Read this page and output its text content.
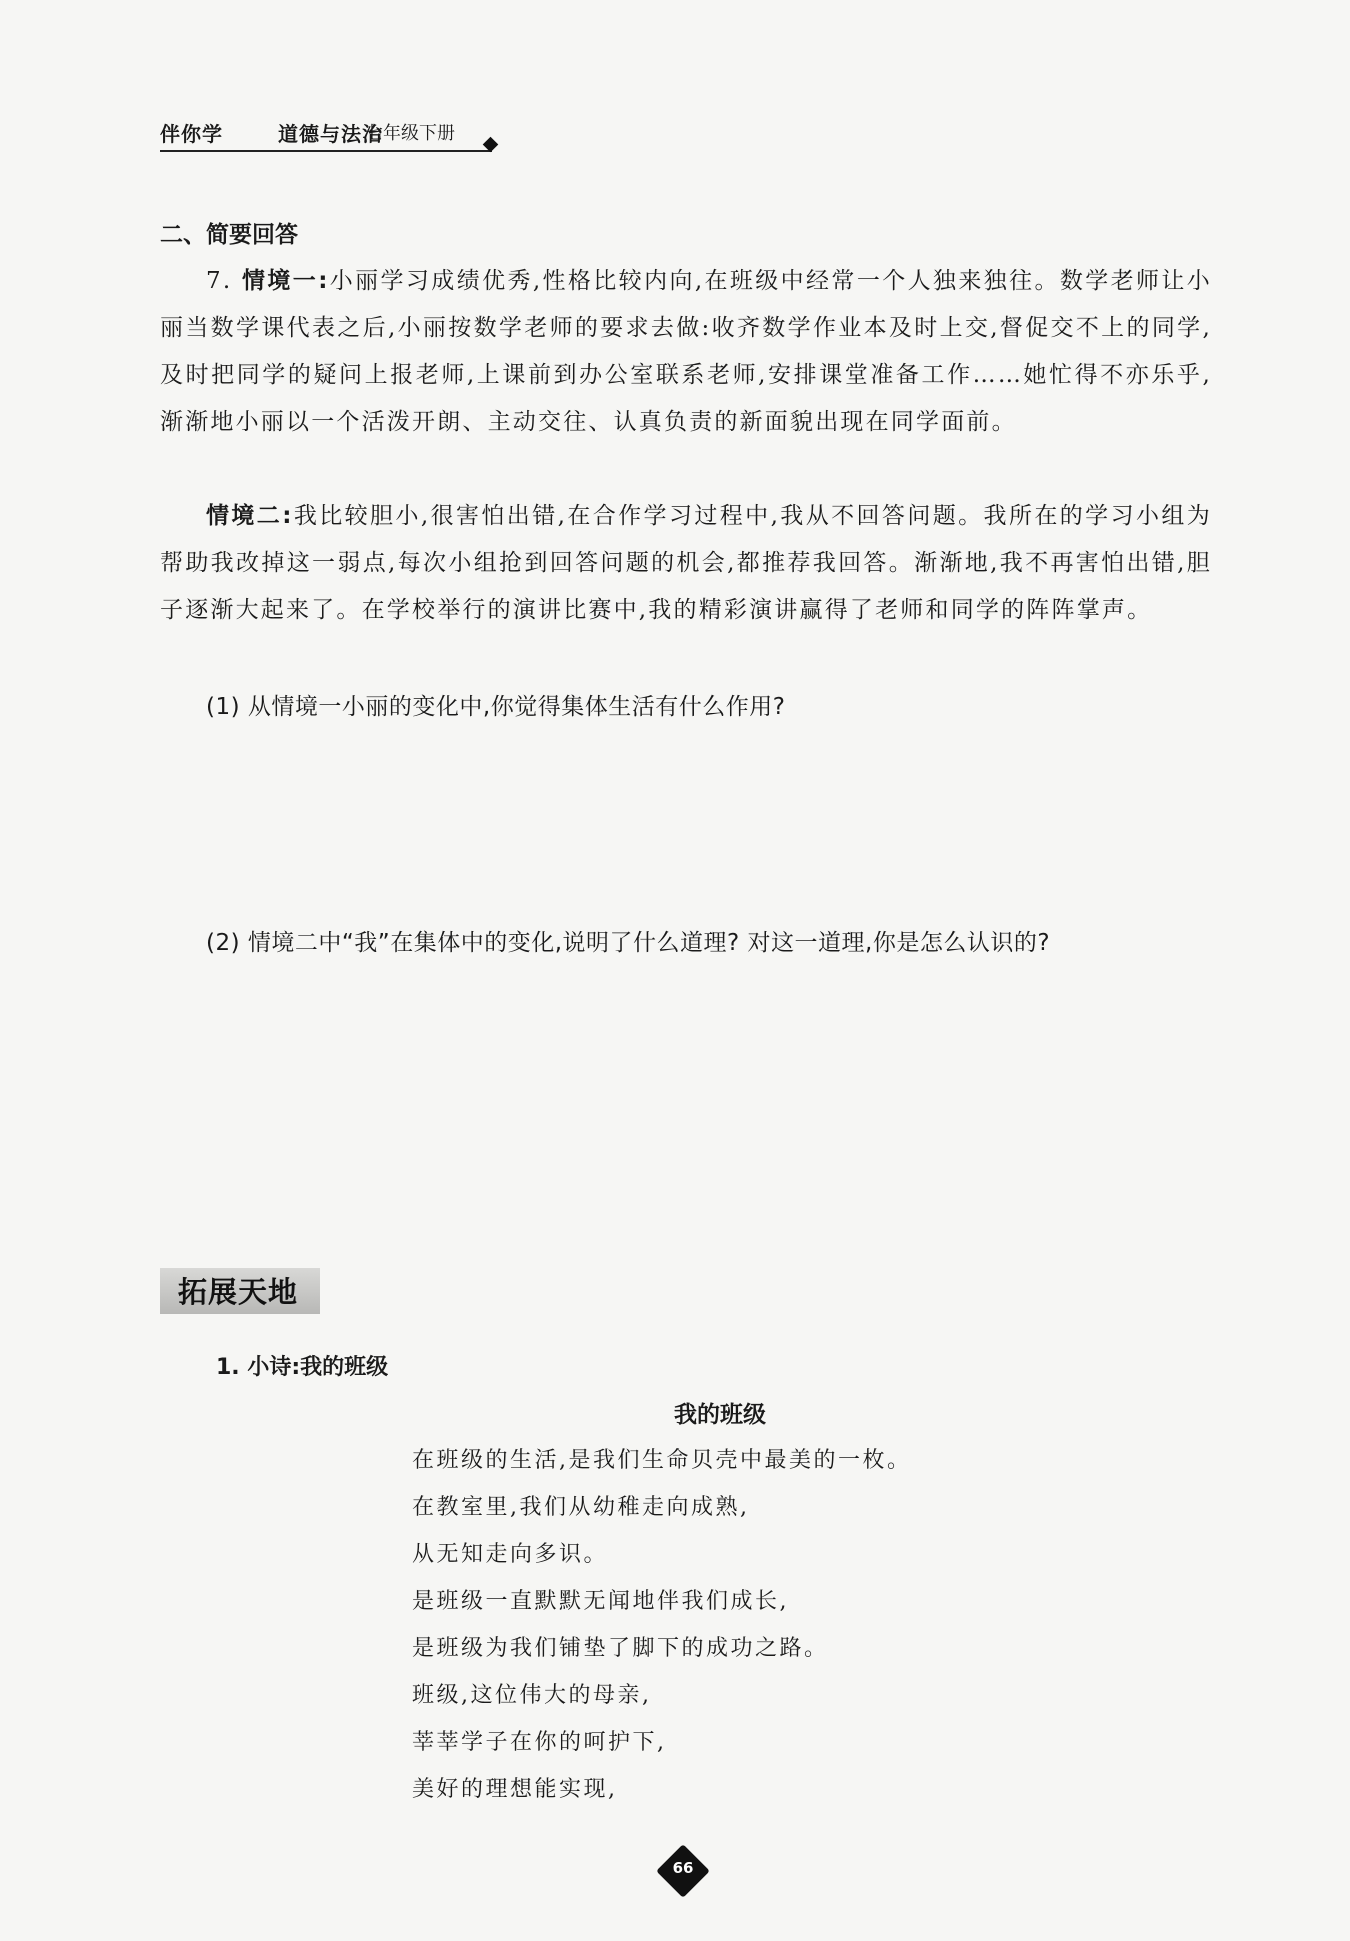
伴你学	道德与法治
七年级下册
二、简要回答

7. 情境一:小丽学习成绩优秀,性格比较内向,在班级中经常一个人独来独往。数学老师让小丽当数学课代表之后,小丽按数学老师的要求去做:收齐数学作业本及时上交,督促交不上的同学,及时把同学的疑问上报老师,上课前到办公室联系老师,安排课堂准备工作……她忙得不亦乐乎,渐渐地小丽以一个活泼开朗、主动交往、认真负责的新面貌出现在同学面前。

情境二:我比较胆小,很害怕出错,在合作学习过程中,我从不回答问题。我所在的学习小组为帮助我改掉这一弱点,每次小组抢到回答问题的机会,都推荐我回答。渐渐地,我不再害怕出错,胆子逐渐大起来了。在学校举行的演讲比赛中,我的精彩演讲赢得了老师和同学的阵阵掌声。

(1) 从情境一小丽的变化中,你觉得集体生活有什么作用?
(2) 情境二中“我”在集体中的变化,说明了什么道理? 对这一道理,你是怎么认识的?
拓展天地
1. 小诗:我的班级
我的班级
在班级的生活,是我们生命贝壳中最美的一枚。
在教室里,我们从幼稚走向成熟,
从无知走向多识。
是班级一直默默无闻地伴我们成长,
是班级为我们铺垫了脚下的成功之路。
班级,这位伟大的母亲,
莘莘学子在你的呵护下,
美好的理想能实现,
66
